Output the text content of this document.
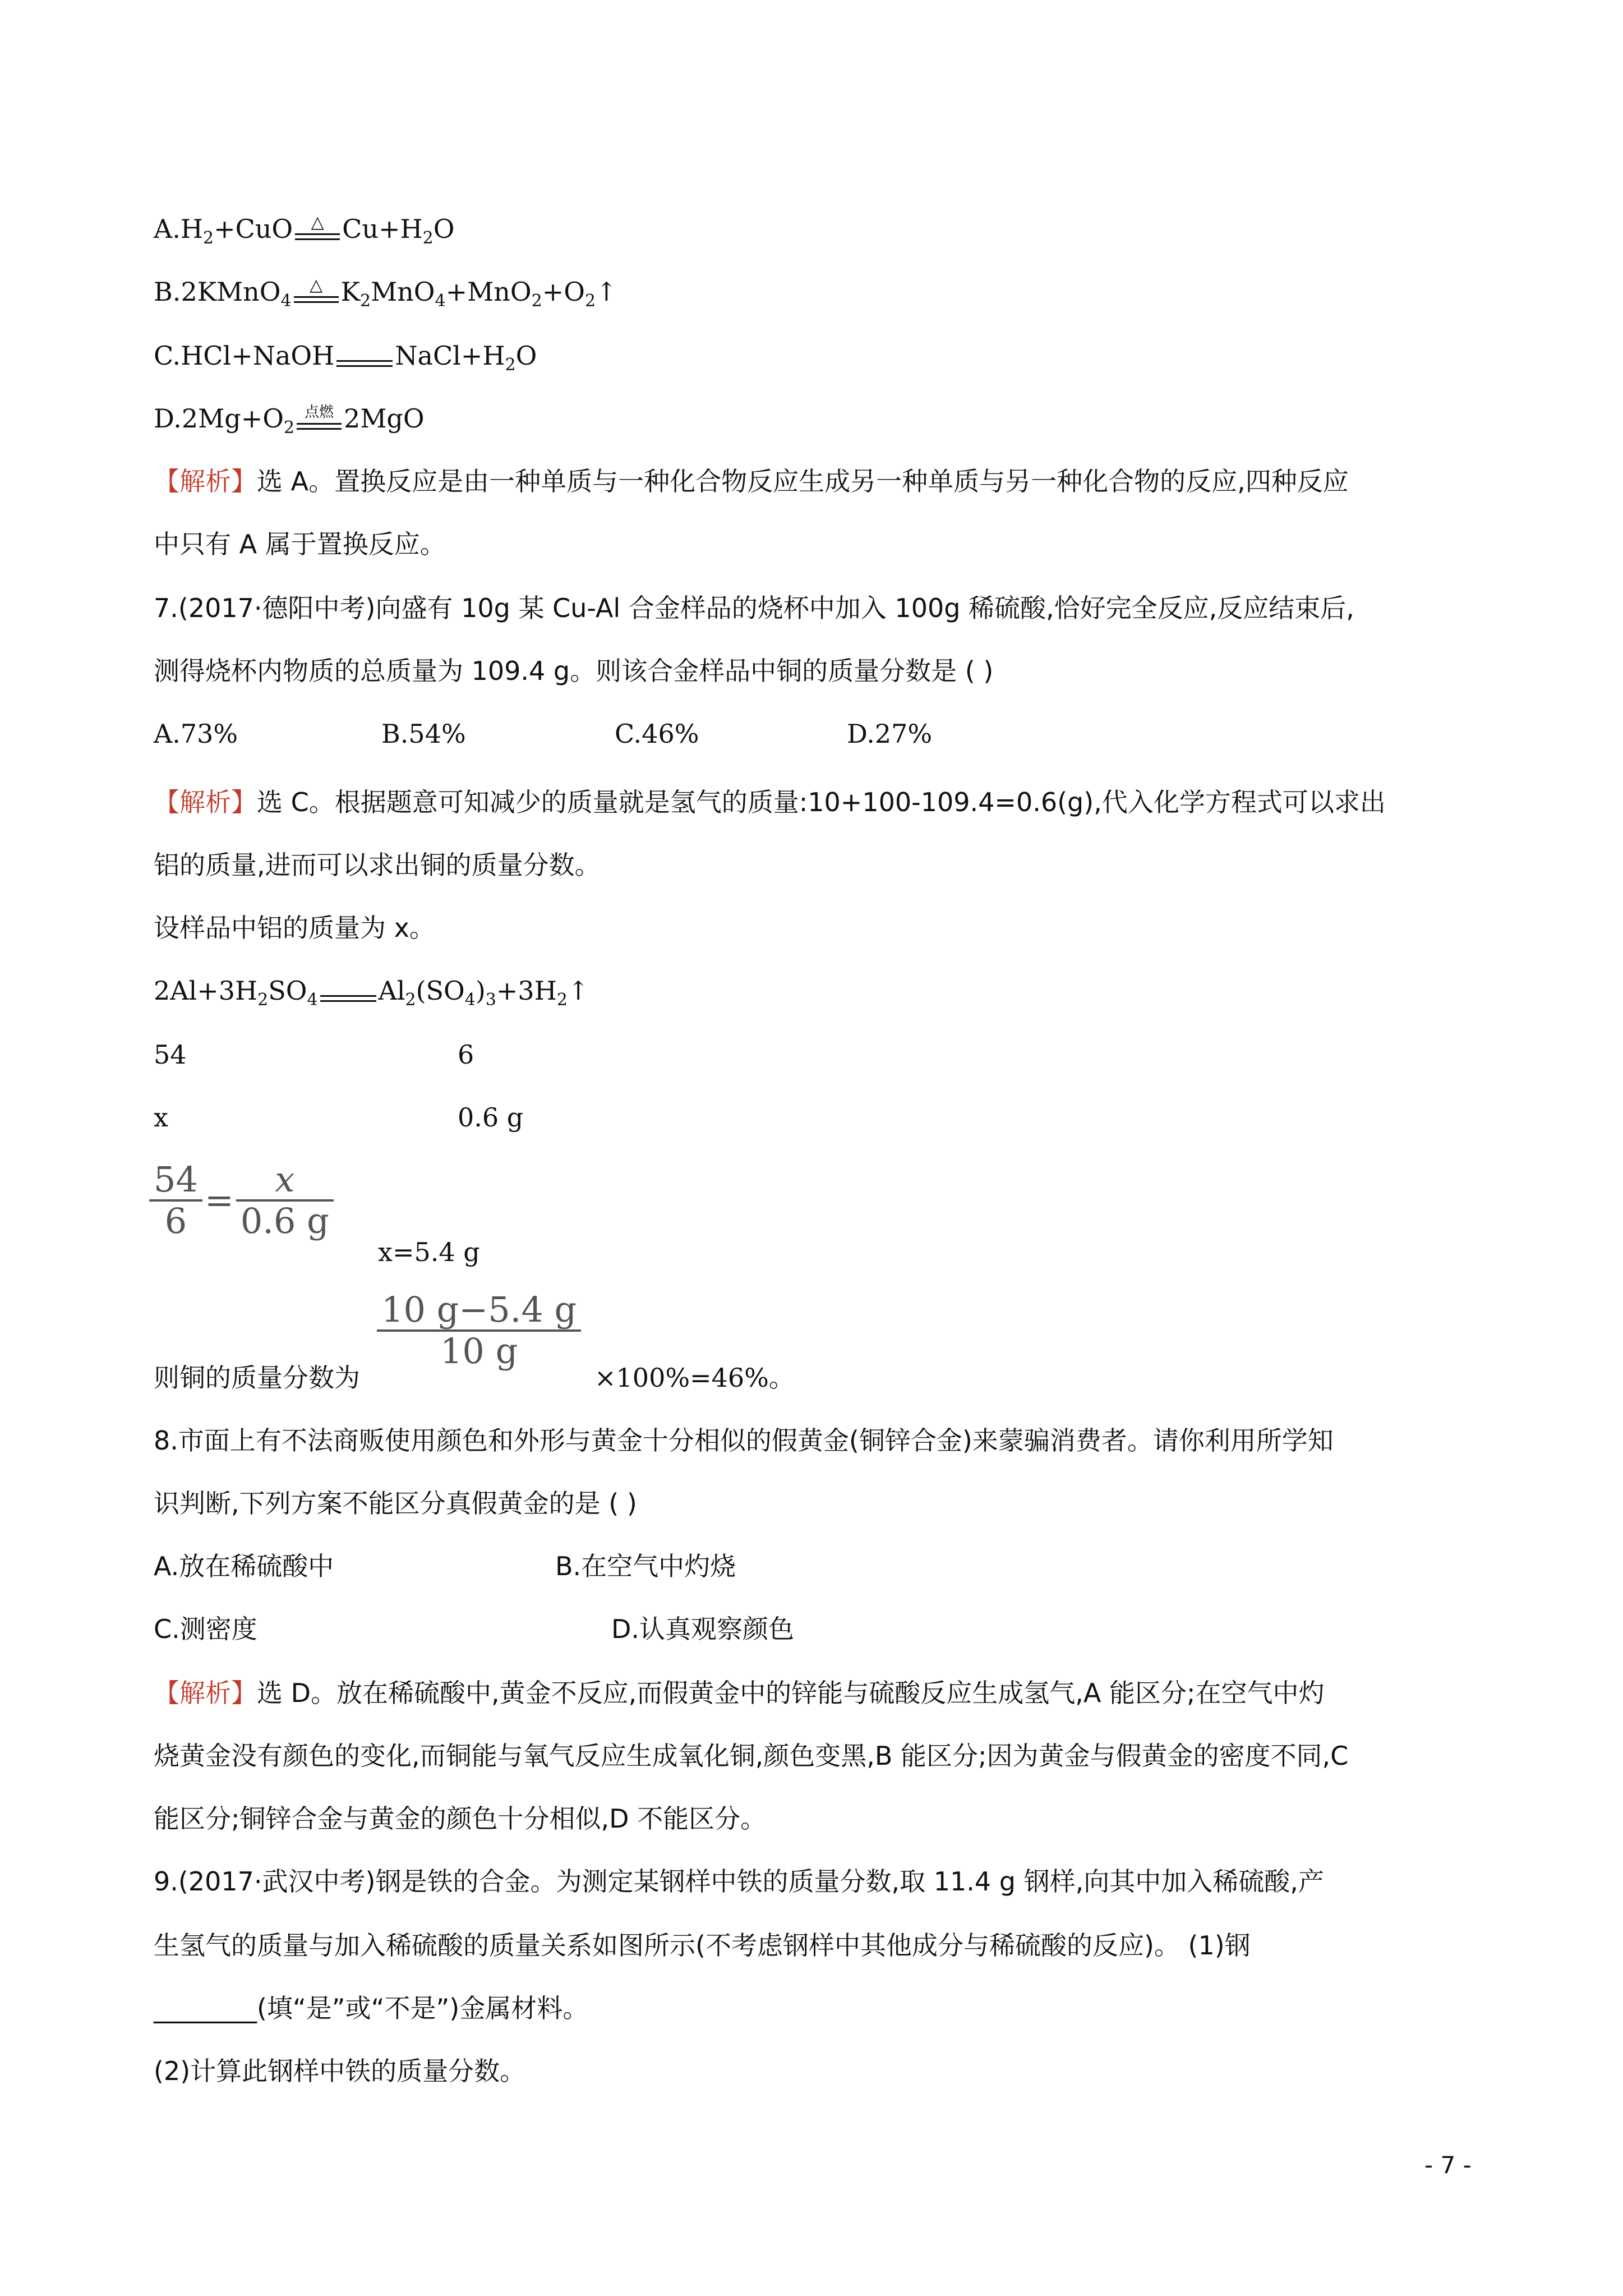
$A.H_2+CuO$	△ $Cu+H_2O$
B.2KMnO$_4$
△ $K_2MnO_4+MnO_2+O_2↑$
C.HCl+NaOH $NaCl+H_2O$
$D.2Mg+O_2$
点燃 2MgO
【解析】选 A。置换反应是由一种单质与一种化合物反应生成另一种单质与另一种化合物的反应,四种反应
中只有 A 属于置换反应。
7.(2017·德阳中考)向盛有 10g 某 Cu-Al 合金样品的烧杯中加入 100g 稀硫酸,恰好完全反应,反应结束后,
测得烧杯内物质的总质量为 109.4 g。则该合金样品中铜的质量分数是 ( )
A.73%	B.54%	C.46%	D.27%
【解析】选 C。根据题意可知减少的质量就是氢气的质量:10+100-109.4=0.6(g),代入化学方程式可以求出
铝的质量,进而可以求出铜的质量分数。
设样品中铝的质量为 x。
$2Al+3H_2SO_4$ $Al_2(SO_4)_3+3H_2↑$
54	6
x	0.6 g
$\frac{54}{6} = \frac{x}{0.6 g}$
x=5.4 g
$\frac{10 g-5.4 g}{10 g}$
则铜的质量分数为	×100%=46%。
8.市面上有不法商贩使用颜色和外形与黄金十分相似的假黄金(铜锌合金)来蒙骗消费者。请你利用所学知
识判断,下列方案不能区分真假黄金的是 ( )
A.放在稀硫酸中	B.在空气中灼烧
C.测密度	D.认真观察颜色
【解析】选 D。放在稀硫酸中,黄金不反应,而假黄金中的锌能与硫酸反应生成氢气,A 能区分;在空气中灼
烧黄金没有颜色的变化,而铜能与氧气反应生成氧化铜,颜色变黑,B 能区分;因为黄金与假黄金的密度不同,C
能区分;铜锌合金与黄金的颜色十分相似,D 不能区分。
9.(2017·武汉中考)钢是铁的合金。为测定某钢样中铁的质量分数,取 11.4 g 钢样,向其中加入稀硫酸,产
生氢气的质量与加入稀硫酸的质量关系如图所示(不考虑钢样中其他成分与稀硫酸的反应)。 (1)钢
________(填“是”或“不是”)金属材料。
(2)计算此钢样中铁的质量分数。
- 7 -
